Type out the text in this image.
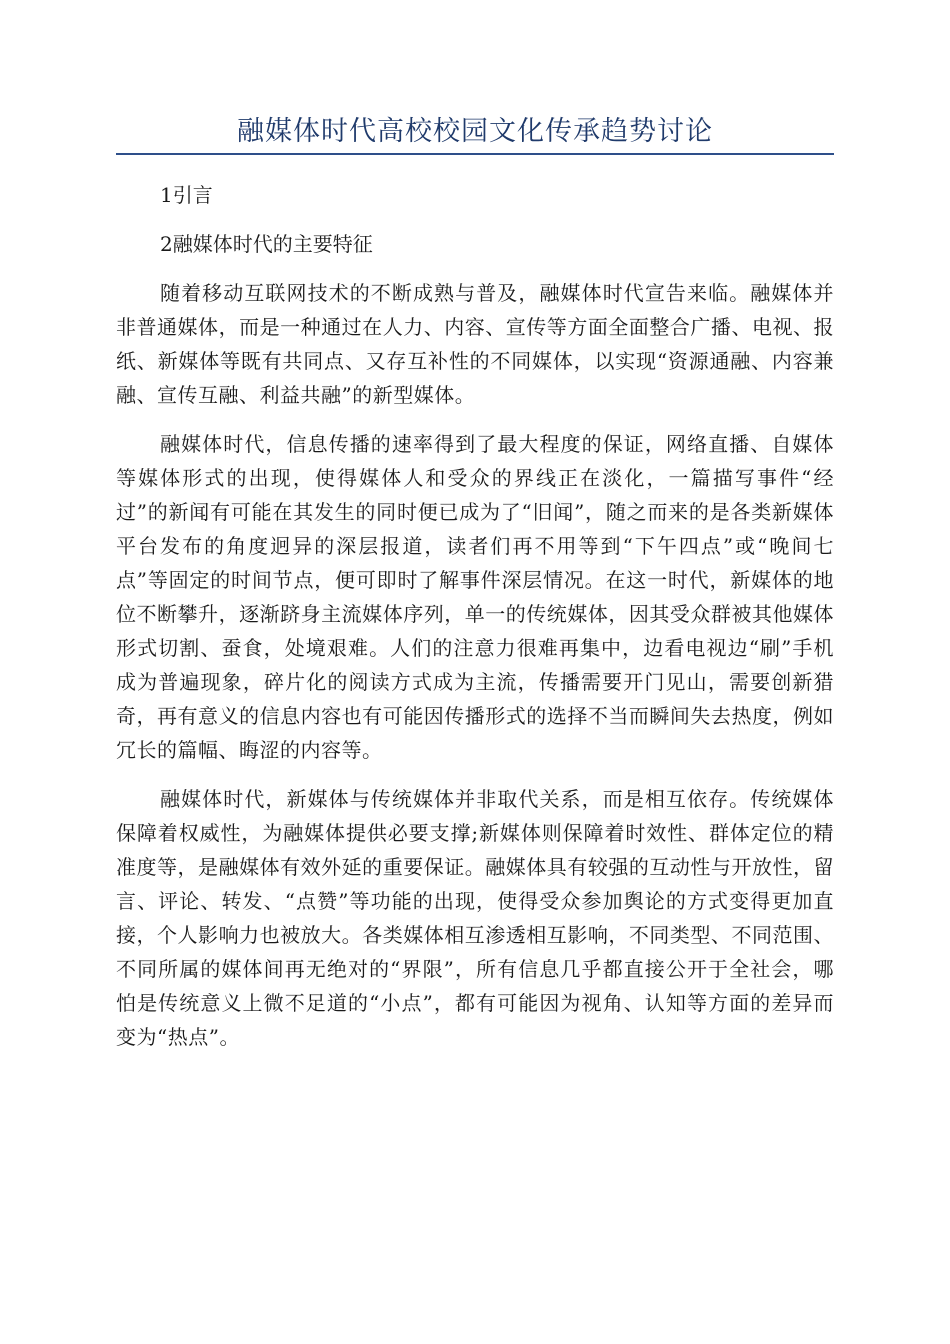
融媒体时代高校校园文化传承趋势讨论

1引言

2融媒体时代的主要特征

随着移动互联网技术的不断成熟与普及，融媒体时代宣告来临。融媒体并非普通媒体，而是一种通过在人力、内容、宣传等方面全面整合广播、电视、报纸、新媒体等既有共同点、又存互补性的不同媒体，以实现“资源通融、内容兼融、宣传互融、利益共融”的新型媒体。

融媒体时代，信息传播的速率得到了最大程度的保证，网络直播、自媒体等媒体形式的出现，使得媒体人和受众的界线正在淡化，一篇描写事件“经过”的新闻有可能在其发生的同时便已成为了“旧闻”，随之而来的是各类新媒体平台发布的角度迥异的深层报道，读者们再不用等到“下午四点”或“晚间七点”等固定的时间节点，便可即时了解事件深层情况。在这一时代，新媒体的地位不断攀升，逐渐跻身主流媒体序列，单一的传统媒体，因其受众群被其他媒体形式切割、蚕食，处境艰难。人们的注意力很难再集中，边看电视边“刷”手机成为普遍现象，碎片化的阅读方式成为主流，传播需要开门见山，需要创新猎奇，再有意义的信息内容也有可能因传播形式的选择不当而瞬间失去热度，例如冗长的篇幅、晦涩的内容等。

融媒体时代，新媒体与传统媒体并非取代关系，而是相互依存。传统媒体保障着权威性，为融媒体提供必要支撑;新媒体则保障着时效性、群体定位的精准度等，是融媒体有效外延的重要保证。融媒体具有较强的互动性与开放性，留言、评论、转发、“点赞”等功能的出现，使得受众参加舆论的方式变得更加直接，个人影响力也被放大。各类媒体相互渗透相互影响，不同类型、不同范围、不同所属的媒体间再无绝对的“界限”，所有信息几乎都直接公开于全社会，哪怕是传统意义上微不足道的“小点”，都有可能因为视角、认知等方面的差异而变为“热点”。
